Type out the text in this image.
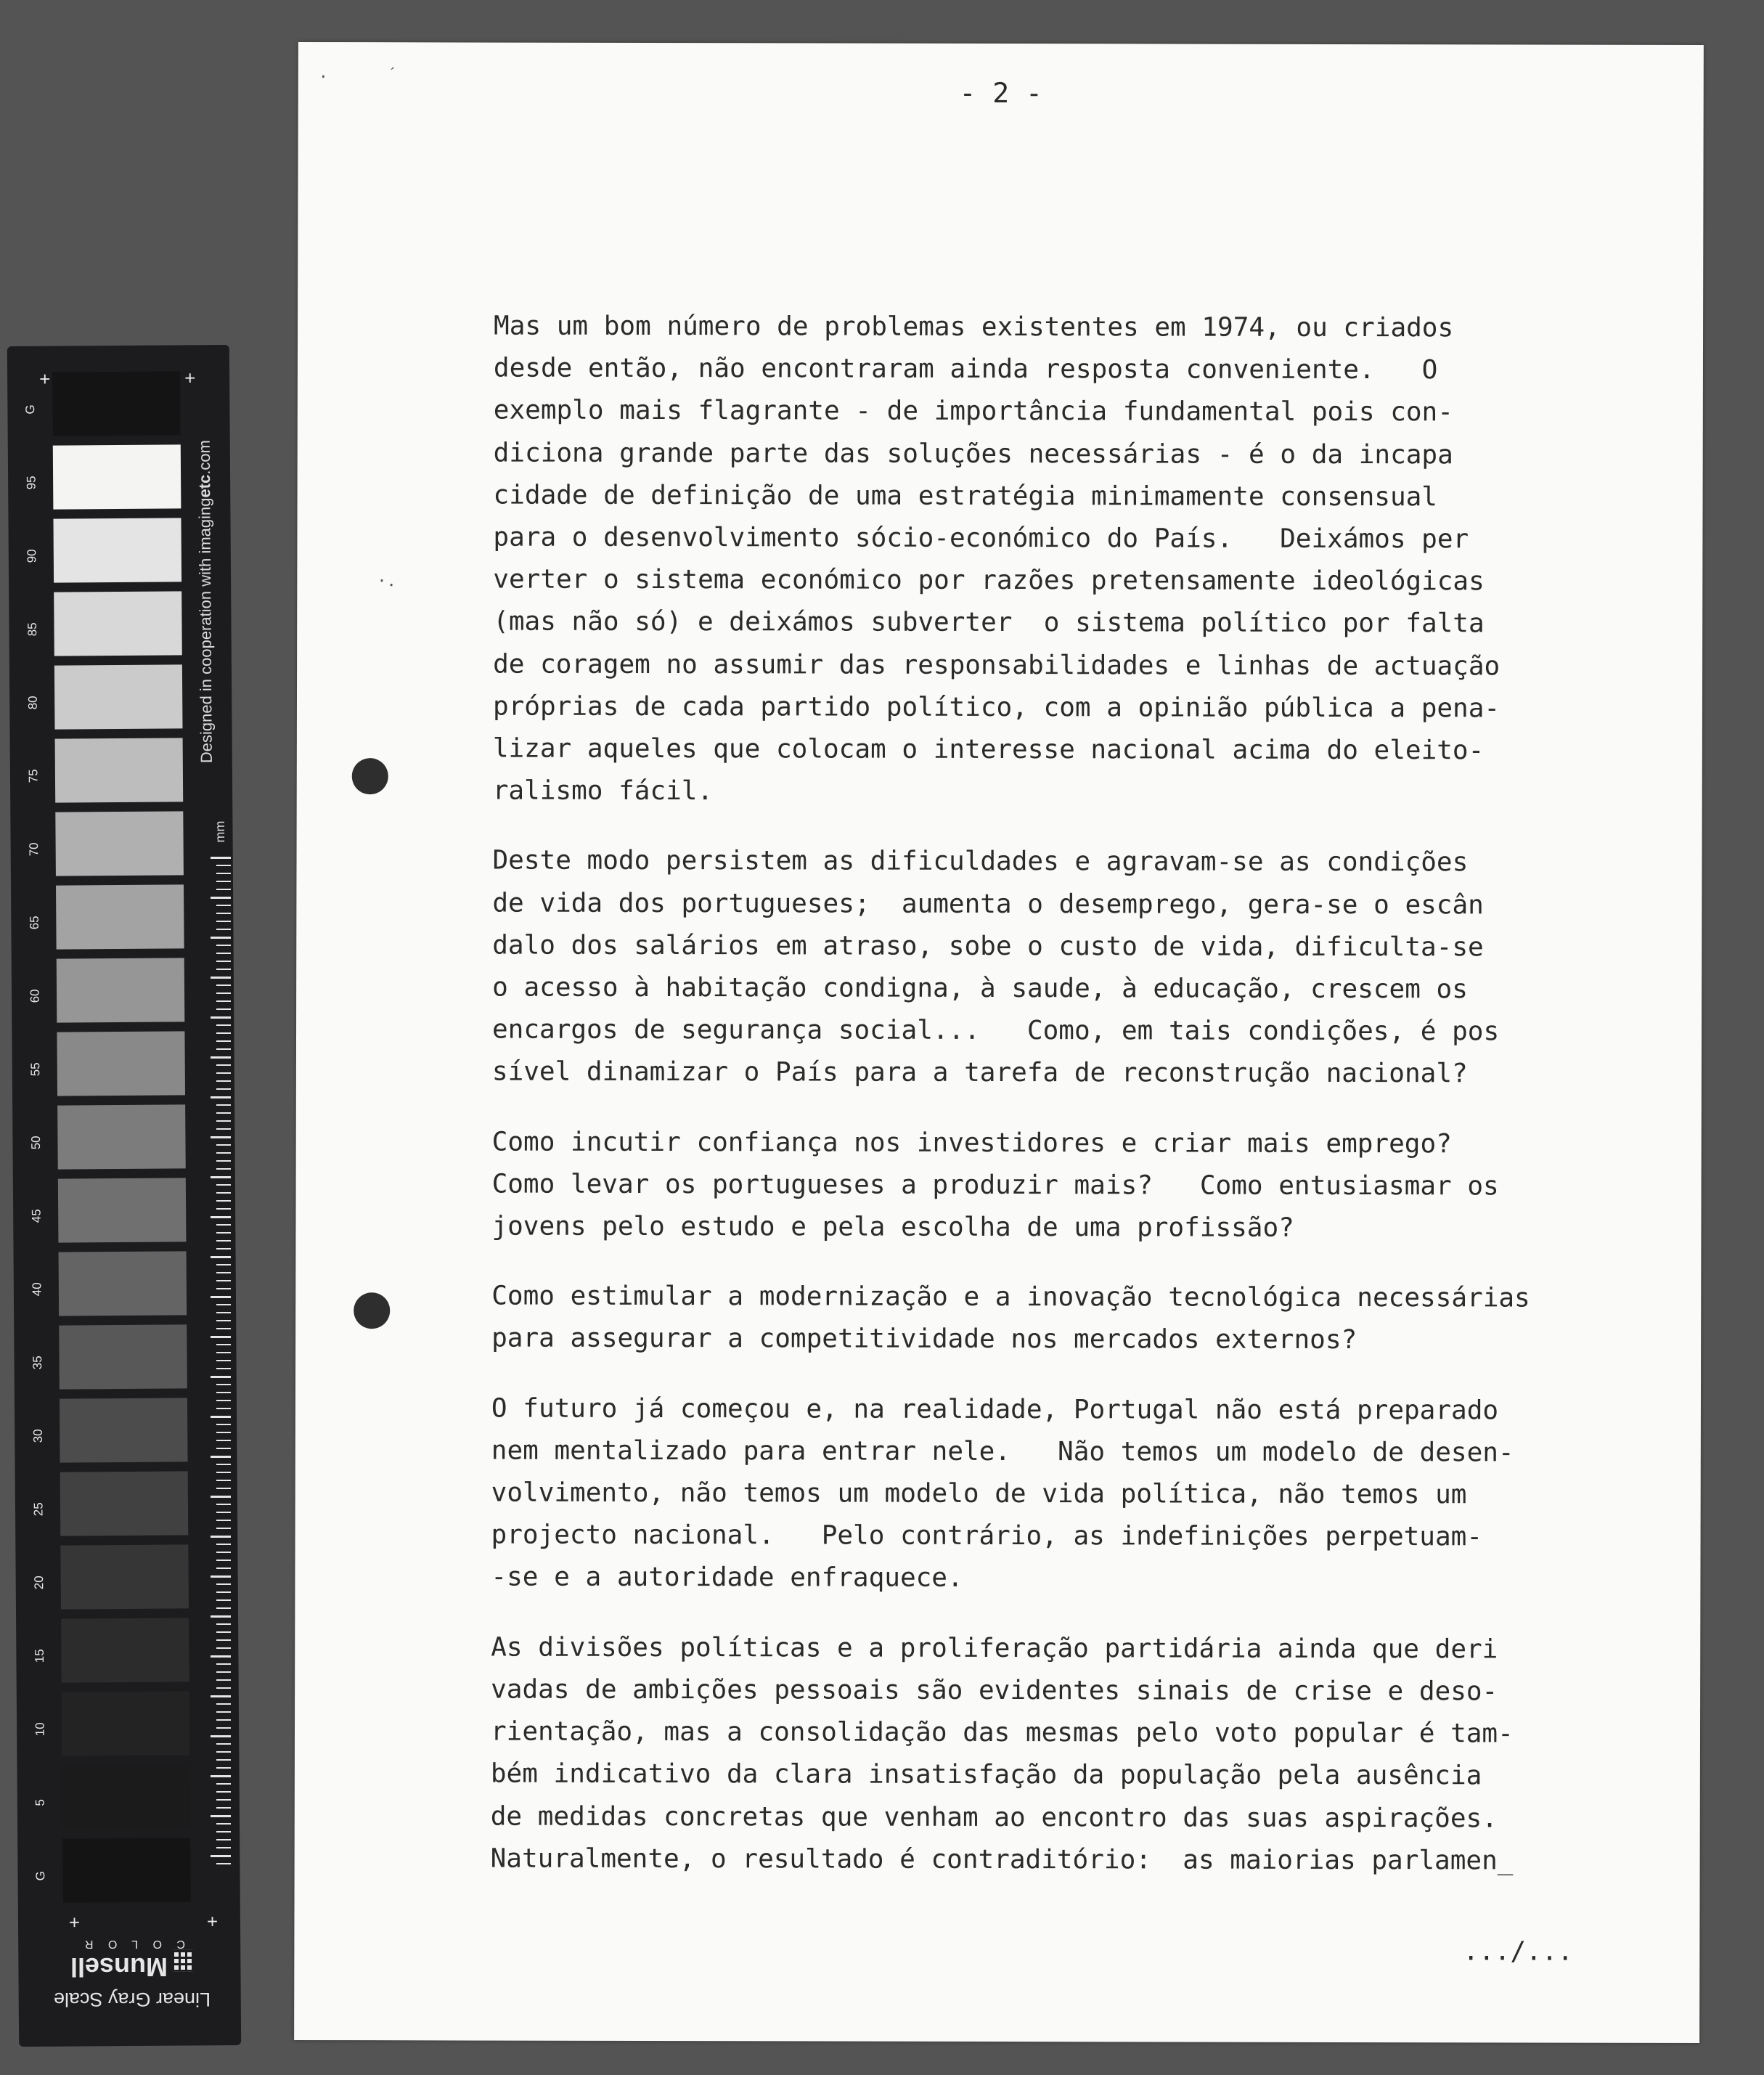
G
95
90
85
80
75
70
65
60
55
50
45
40
35
30
25
20
15
10
5
G
+	+
+	+
Designed in cooperation with imagingetc.com
mm
Linear Gray Scale
Munsell
C O L O R
·	ˊ
·.
- 2 -
Mas um bom número de problemas existentes em 1974, ou criados
desde então, não encontraram ainda resposta conveniente.   O
exemplo mais flagrante - de importância fundamental pois con-
diciona grande parte das soluções necessárias - é o da incapa
cidade de definição de uma estratégia minimamente consensual
para o desenvolvimento sócio-económico do País.   Deixámos per
verter o sistema económico por razões pretensamente ideológicas
(mas não só) e deixámos subverter  o sistema político por falta
de coragem no assumir das responsabilidades e linhas de actuação
próprias de cada partido político, com a opinião pública a pena-
lizar aqueles que colocam o interesse nacional acima do eleito-
ralismo fácil.
Deste modo persistem as dificuldades e agravam-se as condições
de vida dos portugueses;  aumenta o desemprego, gera-se o escân
dalo dos salários em atraso, sobe o custo de vida, dificulta-se
o acesso à habitação condigna, à saude, à educação, crescem os
encargos de segurança social...   Como, em tais condições, é pos
sível dinamizar o País para a tarefa de reconstrução nacional?
Como incutir confiança nos investidores e criar mais emprego?
Como levar os portugueses a produzir mais?   Como entusiasmar os
jovens pelo estudo e pela escolha de uma profissão?
Como estimular a modernização e a inovação tecnológica necessárias
para assegurar a competitividade nos mercados externos?
O futuro já começou e, na realidade, Portugal não está preparado
nem mentalizado para entrar nele.   Não temos um modelo de desen-
volvimento, não temos um modelo de vida política, não temos um
projecto nacional.   Pelo contrário, as indefinições perpetuam-
-se e a autoridade enfraquece.
As divisões políticas e a proliferação partidária ainda que deri
vadas de ambições pessoais são evidentes sinais de crise e deso-
rientação, mas a consolidação das mesmas pelo voto popular é tam-
bém indicativo da clara insatisfação da população pela ausência
de medidas concretas que venham ao encontro das suas aspirações.
Naturalmente, o resultado é contraditório:  as maiorias parlamen_
.../...
